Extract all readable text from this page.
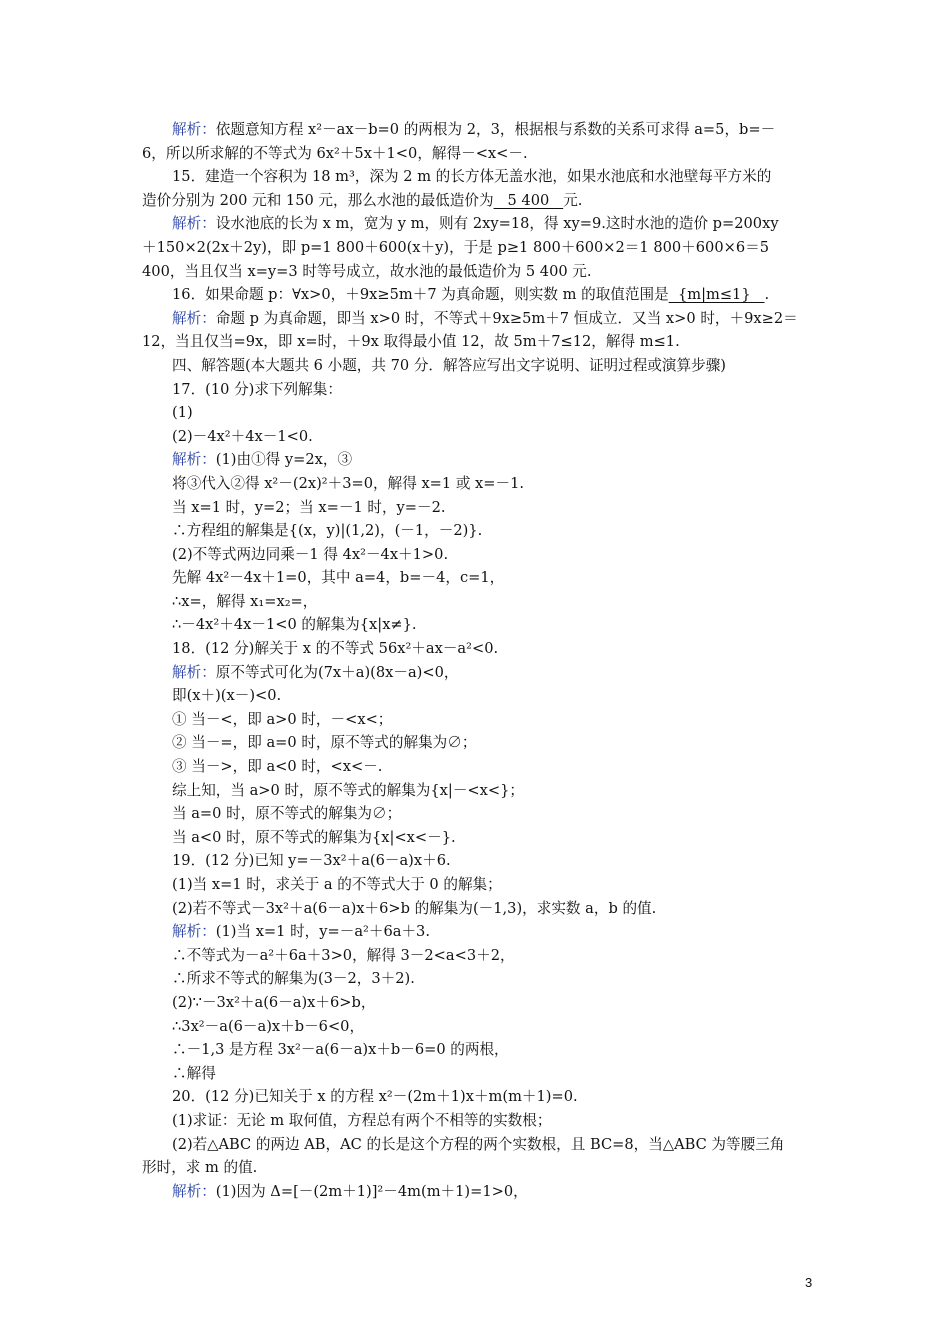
解析：依题意知方程 x²－ax－b=0 的两根为 2，3，根据根与系数的关系可求得 a=5，b=－
6，所以所求解的不等式为 6x²＋5x＋1<0，解得－<x<－.
15．建造一个容积为 18 m³，深为 2 m 的长方体无盖水池，如果水池底和水池壁每平方米的
造价分别为 200 元和 150 元，那么水池的最低造价为   5 400   元.
解析：设水池底的长为 x m，宽为 y m，则有 2xy=18，得 xy=9.这时水池的造价 p=200xy
＋150×2(2x＋2y)，即 p=1 800＋600(x＋y)，于是 p≥1 800＋600×2＝1 800＋600×6＝5
400，当且仅当 x=y=3 时等号成立，故水池的最低造价为 5 400 元.
16．如果命题 p：∀x>0，＋9x≥5m＋7 为真命题，则实数 m 的取值范围是  {m|m≤1}   .
解析：命题 p 为真命题，即当 x>0 时，不等式＋9x≥5m＋7 恒成立．又当 x>0 时，＋9x≥2＝
12，当且仅当=9x，即 x=时，＋9x 取得最小值 12，故 5m＋7≤12，解得 m≤1.
四、解答题(本大题共 6 小题，共 70 分．解答应写出文字说明、证明过程或演算步骤)
17．(10 分)求下列解集：
(1)
(2)－4x²＋4x－1<0.
解析：(1)由①得 y=2x，③
将③代入②得 x²－(2x)²＋3=0，解得 x=1 或 x=－1.
当 x=1 时，y=2；当 x=－1 时，y=－2.
∴方程组的解集是{(x，y)|(1,2)，(－1，－2)}.
(2)不等式两边同乘－1 得 4x²－4x＋1>0.
先解 4x²－4x＋1=0，其中 a=4，b=－4，c=1，
∴x=，解得 x₁=x₂=，
∴－4x²＋4x－1<0 的解集为{x|x≠}.
18．(12 分)解关于 x 的不等式 56x²＋ax－a²<0.
解析：原不等式可化为(7x＋a)(8x－a)<0，
即(x＋)(x－)<0.
① 当－<，即 a>0 时，－<x<；
② 当－=，即 a=0 时，原不等式的解集为∅；
③ 当－>，即 a<0 时，<x<－.
综上知，当 a>0 时，原不等式的解集为{x|－<x<}；
当 a=0 时，原不等式的解集为∅；
当 a<0 时，原不等式的解集为{x|<x<－}.
19．(12 分)已知 y=－3x²＋a(6－a)x＋6.
(1)当 x=1 时，求关于 a 的不等式大于 0 的解集；
(2)若不等式－3x²＋a(6－a)x＋6>b 的解集为(－1,3)，求实数 a，b 的值.
解析：(1)当 x=1 时，y=－a²＋6a＋3.
∴不等式为－a²＋6a＋3>0，解得 3－2<a<3＋2，
∴所求不等式的解集为(3－2，3＋2).
(2)∵－3x²＋a(6－a)x＋6>b，
∴3x²－a(6－a)x＋b－6<0，
∴－1,3 是方程 3x²－a(6－a)x＋b－6=0 的两根，
∴解得
20．(12 分)已知关于 x 的方程 x²－(2m＋1)x＋m(m＋1)=0.
(1)求证：无论 m 取何值，方程总有两个不相等的实数根；
(2)若△ABC 的两边 AB，AC 的长是这个方程的两个实数根，且 BC=8，当△ABC 为等腰三角
形时，求 m 的值.
解析：(1)因为 Δ=[－(2m＋1)]²－4m(m＋1)=1>0，
3
